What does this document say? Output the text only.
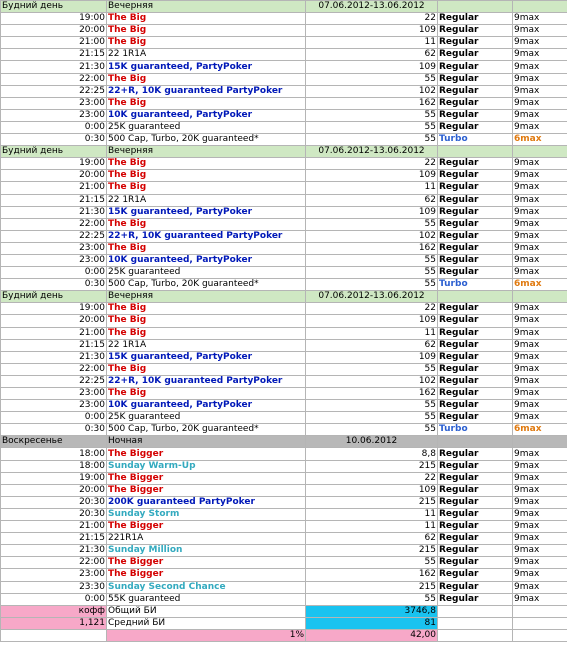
Будний день	Вечерняя	07.06.2012-13.06.2012		
19:00	The Big	22	Regular	9max
20:00	The Big	109	Regular	9max
21:00	The Big	11	Regular	9max
21:15	22 1R1A	62	Regular	9max
21:30	15K guaranteed, PartyPoker	109	Regular	9max
22:00	The Big	55	Regular	9max
22:25	22+R, 10K guaranteed PartyPoker	102	Regular	9max
23:00	The Big	162	Regular	9max
23:00	10K guaranteed, PartyPoker	55	Regular	9max
0:00	25K guaranteed	55	Regular	9max
0:30	500 Cap, Turbo, 20K guaranteed*	55	Turbo	6max
Будний день	Вечерняя	07.06.2012-13.06.2012		
19:00	The Big	22	Regular	9max
20:00	The Big	109	Regular	9max
21:00	The Big	11	Regular	9max
21:15	22 1R1A	62	Regular	9max
21:30	15K guaranteed, PartyPoker	109	Regular	9max
22:00	The Big	55	Regular	9max
22:25	22+R, 10K guaranteed PartyPoker	102	Regular	9max
23:00	The Big	162	Regular	9max
23:00	10K guaranteed, PartyPoker	55	Regular	9max
0:00	25K guaranteed	55	Regular	9max
0:30	500 Cap, Turbo, 20K guaranteed*	55	Turbo	6max
Будний день	Вечерняя	07.06.2012-13.06.2012		
19:00	The Big	22	Regular	9max
20:00	The Big	109	Regular	9max
21:00	The Big	11	Regular	9max
21:15	22 1R1A	62	Regular	9max
21:30	15K guaranteed, PartyPoker	109	Regular	9max
22:00	The Big	55	Regular	9max
22:25	22+R, 10K guaranteed PartyPoker	102	Regular	9max
23:00	The Big	162	Regular	9max
23:00	10K guaranteed, PartyPoker	55	Regular	9max
0:00	25K guaranteed	55	Regular	9max
0:30	500 Cap, Turbo, 20K guaranteed*	55	Turbo	6max
Воскресенье	Ночная	10.06.2012		
18:00	The Bigger	8,8	Regular	9max
18:00	Sunday Warm-Up	215	Regular	9max
19:00	The Bigger	22	Regular	9max
20:00	The Bigger	109	Regular	9max
20:30	200K guaranteed PartyPoker	215	Regular	9max
20:30	Sunday Storm	11	Regular	9max
21:00	The Bigger	11	Regular	9max
21:15	221R1A	62	Regular	9max
21:30	Sunday Million	215	Regular	9max
22:00	The Bigger	55	Regular	9max
23:00	The Bigger	162	Regular	9max
23:30	Sunday Second Chance	215	Regular	9max
0:00	55K guaranteed	55	Regular	9max
кофф	Общий БИ	3746,8		
1,121	Средний БИ	81		
	1%	42,00		
